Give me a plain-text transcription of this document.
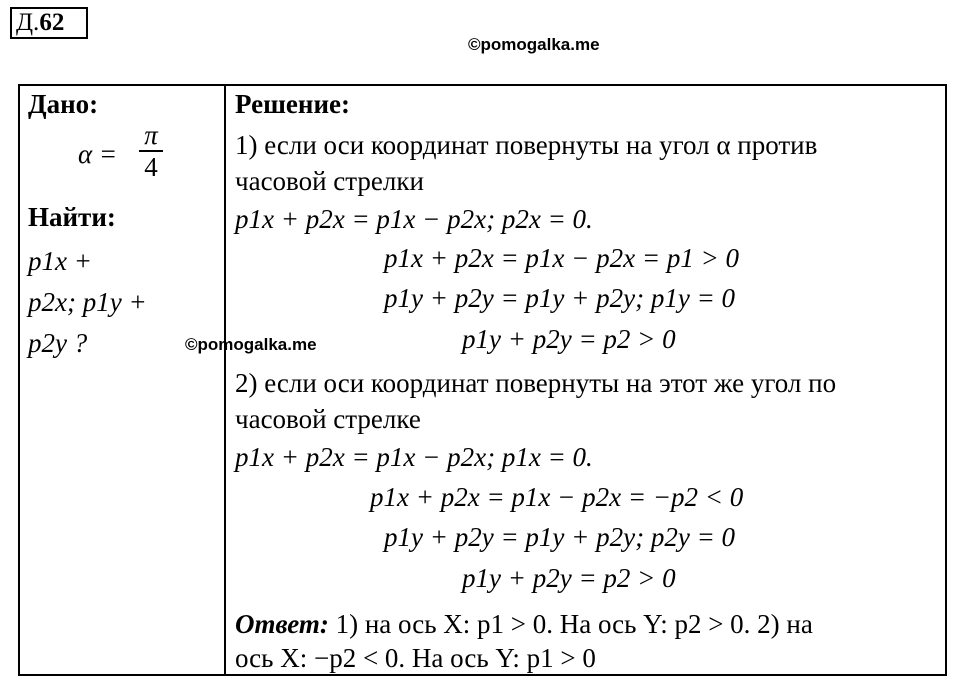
Д.62
©pomogalka.me
Дано:
α =
π
4
Найти:
p1x +
p2x; p1y +
p2y ?	©pomogalka.me
Решение:
1) если оси координат повернуты на угол α против
часовой стрелки
p1x + p2x = p1x − p2x; p2x = 0.
p1x + p2x = p1x − p2x = p1 > 0
p1y + p2y = p1y + p2y; p1y = 0
p1y + p2y = p2 > 0
2) если оси координат повернуты на этот же угол по
часовой стрелке
p1x + p2x = p1x − p2x; p1x = 0.
p1x + p2x = p1x − p2x = −p2 < 0
p1y + p2y = p1y + p2y; p2y = 0
p1y + p2y = p2 > 0
Ответ: 1) на ось X: p1 > 0. На ось Y: p2 > 0. 2) на
ось X: −p2 < 0. На ось Y: p1 > 0
